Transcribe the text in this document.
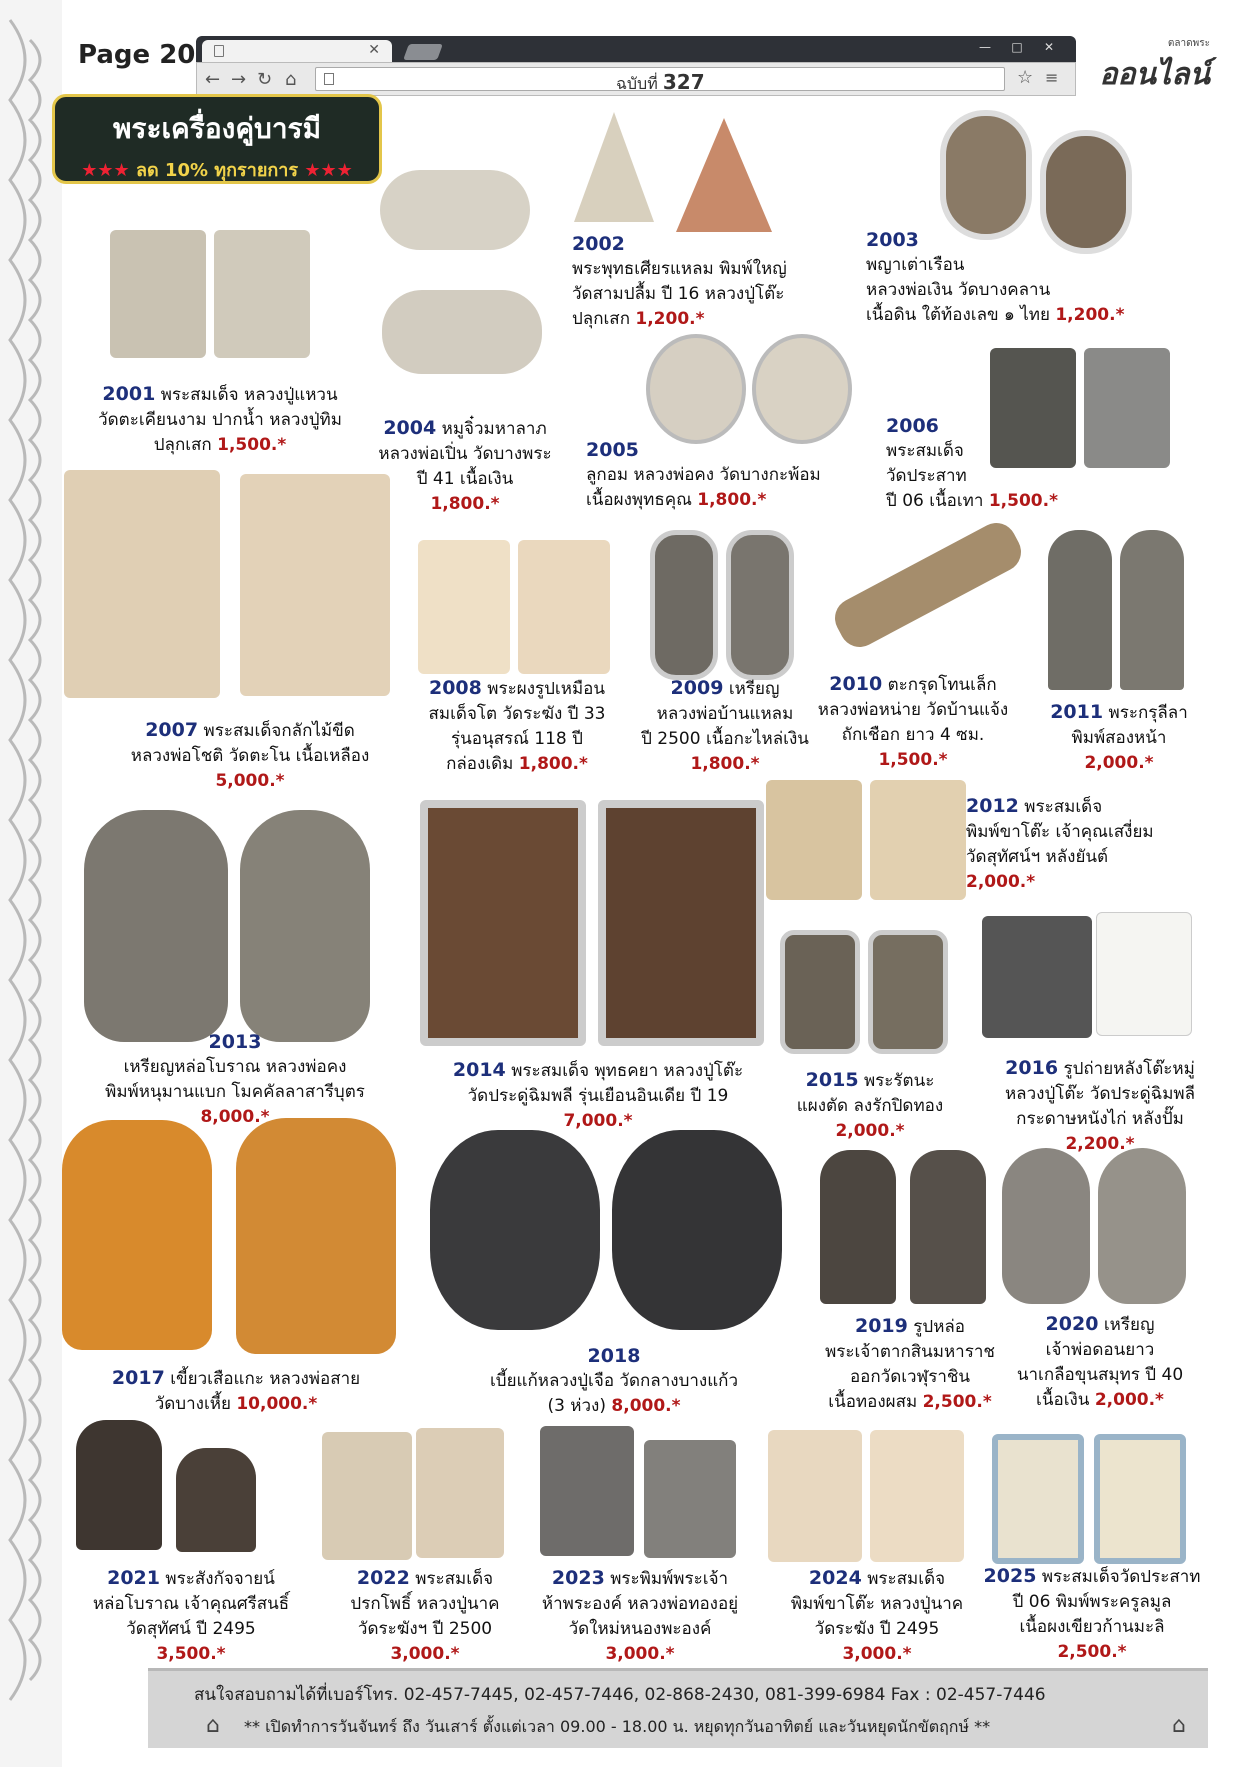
Page 20	✕	—	□	✕
← → ↻ ⌂	ฉบับที่ 327	☆ ≡
ตลาดพระ
ออนไลน์
พระเครื่องคู่บารมี
★★★ ลด 10% ทุกรายการ ★★★
2001 พระสมเด็จ หลวงปู่แหวน
วัดตะเคียนงาม ปากน้ำ หลวงปู่ทิม
ปลุกเสก 1,500.*
2002
พระพุทธเศียรแหลม พิมพ์ใหญ่
วัดสามปลื้ม ปี 16 หลวงปู่โต๊ะ
ปลุกเสก 1,200.*
2003
พญาเต่าเรือน
หลวงพ่อเงิน วัดบางคลาน
เนื้อดิน ใต้ท้องเลข ๑ ไทย 1,200.*
2004 หมูจิ๋วมหาลาภ
หลวงพ่อเปิ่น วัดบางพระ
ปี 41 เนื้อเงิน
1,800.*
2005
ลูกอม หลวงพ่อคง วัดบางกะพ้อม
เนื้อผงพุทธคุณ 1,800.*
2006
พระสมเด็จ
วัดประสาท
ปี 06 เนื้อเทา 1,500.*
2007 พระสมเด็จกลักไม้ขีด
หลวงพ่อโชติ วัดตะโน เนื้อเหลือง
5,000.*
2008 พระผงรูปเหมือน
สมเด็จโต วัดระฆัง ปี 33
รุ่นอนุสรณ์ 118 ปี
กล่องเดิม 1,800.*
2009 เหรียญ
หลวงพ่อบ้านแหลม
ปี 2500 เนื้อกะไหล่เงิน
1,800.*
2010 ตะกรุดโทนเล็ก
หลวงพ่อหน่าย วัดบ้านแจ้ง
ถักเชือก ยาว 4 ซม.
1,500.*
2011 พระกรุลีลา
พิมพ์สองหน้า
2,000.*
2012 พระสมเด็จ
พิมพ์ขาโต๊ะ เจ้าคุณเสงี่ยม
วัดสุทัศน์ฯ หลังยันต์
2,000.*
2013
เหรียญหล่อโบราณ หลวงพ่อคง
พิมพ์หนุมานแบก โมคคัลลาสารีบุตร
8,000.*
2014 พระสมเด็จ พุทธคยา หลวงปู่โต๊ะ
วัดประดู่ฉิมพลี รุ่นเยือนอินเดีย ปี 19
7,000.*
2015 พระรัตนะ
แผงตัด ลงรักปิดทอง
2,000.*
2016 รูปถ่ายหลังโต๊ะหมู่
หลวงปู่โต๊ะ วัดประดู่ฉิมพลี
กระดาษหนังไก่ หลังปั๊ม
2,200.*
2017 เขี้ยวเสือแกะ หลวงพ่อสาย
วัดบางเหี้ย 10,000.*
2018
เบี้ยแก้หลวงปู่เจือ วัดกลางบางแก้ว
(3 ห่วง) 8,000.*
2019 รูปหล่อ
พระเจ้าตากสินมหาราช
ออกวัดเวฬุราชิน
เนื้อทองผสม 2,500.*
2020 เหรียญ
เจ้าพ่อดอนยาว
นาเกลือขุนสมุทร ปี 40
เนื้อเงิน 2,000.*
2021 พระสังกัจจายน์
หล่อโบราณ เจ้าคุณศรีสนธิ์
วัดสุทัศน์ ปี 2495
3,500.*
2022 พระสมเด็จ
ปรกโพธิ์ หลวงปู่นาค
วัดระฆังฯ ปี 2500
3,000.*
2023 พระพิมพ์พระเจ้า
ห้าพระองค์ หลวงพ่อทองอยู่
วัดใหม่หนองพะองค์
3,000.*
2024 พระสมเด็จ
พิมพ์ขาโต๊ะ หลวงปู่นาค
วัดระฆัง ปี 2495
3,000.*
2025 พระสมเด็จวัดประสาท
ปี 06 พิมพ์พระครูลมูล
เนื้อผงเขียวก้านมะลิ
2,500.*
สนใจสอบถามได้ที่เบอร์โทร. 02-457-7445, 02-457-7446, 02-868-2430, 081-399-6984 Fax : 02-457-7446
⌂ ** เปิดทำการวันจันทร์ ถึง วันเสาร์ ตั้งแต่เวลา 09.00 - 18.00 น. หยุดทุกวันอาทิตย์ และวันหยุดนักขัตฤกษ์ **	⌂
